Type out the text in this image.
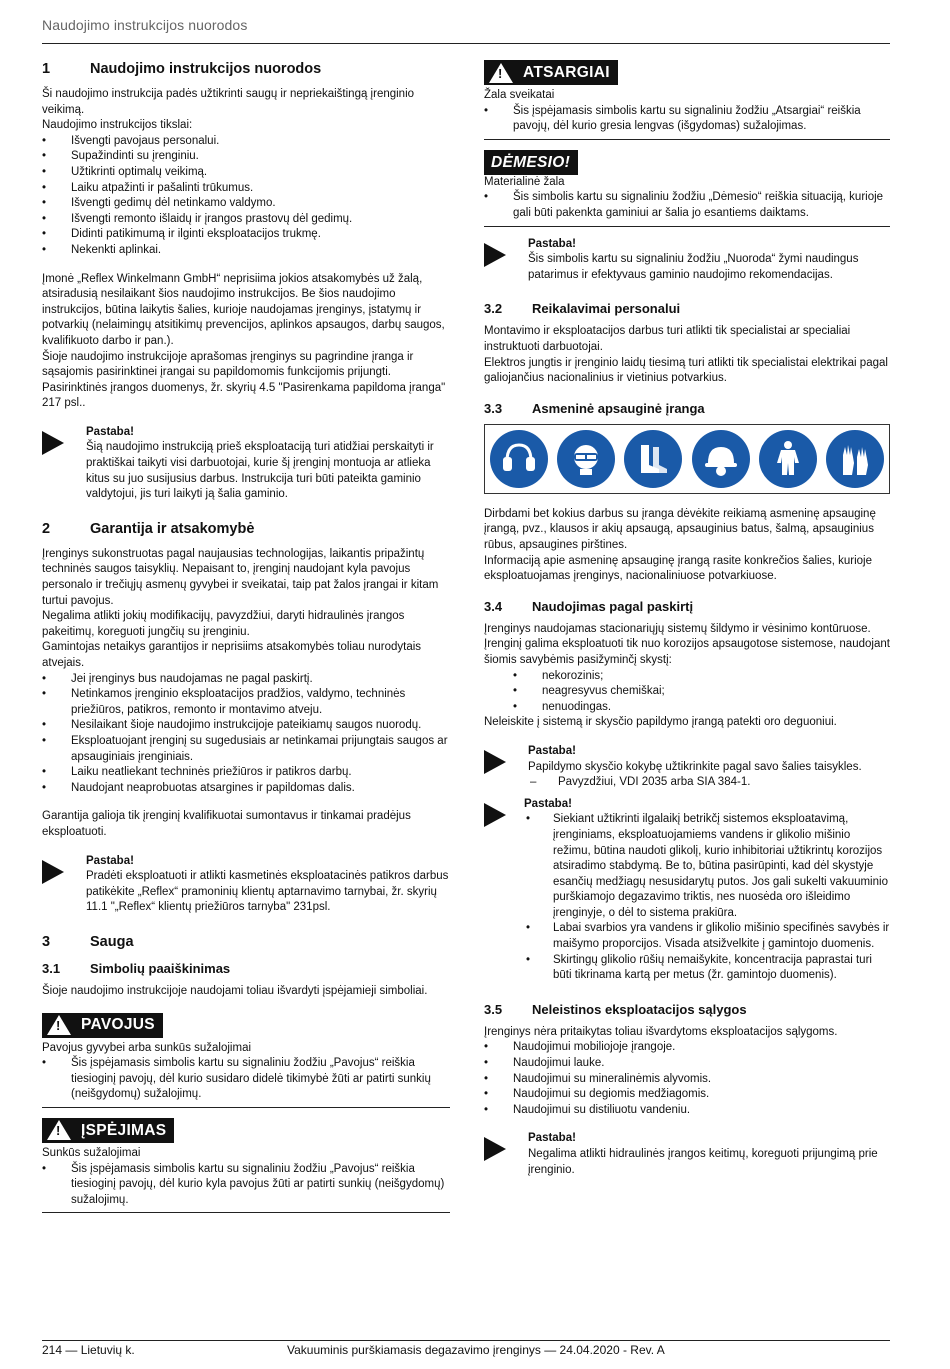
Naudojimo instrukcijos nuorodos
1	Naudojimo instrukcijos nuorodos

Ši naudojimo instrukcija padės užtikrinti saugų ir nepriekaištingą įrenginio veikimą.

Naudojimo instrukcijos tikslai:

• Išvengti pavojaus personalui.
• Supažindinti su įrenginiu.
• Užtikrinti optimalų veikimą.
• Laiku atpažinti ir pašalinti trūkumus.
• Išvengti gedimų dėl netinkamo valdymo.
• Išvengti remonto išlaidų ir įrangos prastovų dėl gedimų.
• Didinti patikimumą ir ilginti eksploatacijos trukmę.
• Nekenkti aplinkai.

Įmonė „Reflex Winkelmann GmbH“ neprisiima jokios atsakomybės už žalą, atsiradusią nesilaikant šios naudojimo instrukcijos. Be šios naudojimo instrukcijos, būtina laikytis šalies, kurioje naudojamas įrenginys, įstatymų ir potvarkių (nelaimingų atsitikimų prevencijos, aplinkos apsaugos, darbų saugos, kvalifikuoto darbo ir pan.).

Šioje naudojimo instrukcijoje aprašomas įrenginys su pagrindine įranga ir sąsajomis pasirinktinei įrangai su papildomomis funkcijomis prijungti.

Pasirinktinės įrangos duomenys, žr. skyrių 4.5 "Pasirenkama papildoma įranga" 217 psl..

Pastaba!

Šią naudojimo instrukciją prieš eksploataciją turi atidžiai perskaityti ir praktiškai taikyti visi darbuotojai, kurie šį įrenginį montuoja ar atlieka kitus su juo susijusius darbus. Instrukcija turi būti pateikta gaminio valdytojui, jis turi laikyti ją šalia gaminio.

2	Garantija ir atsakomybė

Įrenginys sukonstruotas pagal naujausias technologijas, laikantis pripažintų techninės saugos taisyklių. Nepaisant to, įrenginį naudojant kyla pavojus personalo ir trečiųjų asmenų gyvybei ir sveikatai, taip pat žalos įrangai ir kitam turtui pavojus.

Negalima atlikti jokių modifikacijų, pavyzdžiui, daryti hidraulinės įrangos pakeitimų, koreguoti jungčių su įrenginiu.

Gamintojas netaikys garantijos ir neprisiims atsakomybės toliau nurodytais atvejais.

• Jei įrenginys bus naudojamas ne pagal paskirtį.
• Netinkamos įrenginio eksploatacijos pradžios, valdymo, techninės priežiūros, patikros, remonto ir montavimo atveju.
• Nesilaikant šioje naudojimo instrukcijoje pateikiamų saugos nuorodų.
• Eksploatuojant įrenginį su sugedusiais ar netinkamai prijungtais saugos ar apsauginiais įrenginiais.
• Laiku neatliekant techninės priežiūros ir patikros darbų.
• Naudojant neaprobuotas atsargines ir papildomas dalis.

Garantija galioja tik įrenginį kvalifikuotai sumontavus ir tinkamai pradėjus eksploatuoti.

Pastaba!

Pradėti eksploatuoti ir atlikti kasmetinės eksploatacinės patikros darbus patikėkite „Reflex“ pramoninių klientų aptarnavimo tarnybai, žr. skyrių 11.1 "„Reflex“ klientų priežiūros tarnyba" 231psl.

3	Sauga
3.1	Simbolių paaiškinimas

Šioje naudojimo instrukcijoje naudojami toliau išvardyti įspėjamieji simboliai.

! PAVOJUS

Pavojus gyvybei arba sunkūs sužalojimai

• Šis įspėjamasis simbolis kartu su signaliniu žodžiu „Pavojus“ reiškia tiesioginį pavojų, dėl kurio susidaro didelė tikimybė žūti ar patirti sunkių (neišgydomų) sužalojimų.
! ĮSPĖJIMAS

Sunkūs sužalojimai

• Šis įspėjamasis simbolis kartu su signaliniu žodžiu „Pavojus“ reiškia tiesioginį pavojų, dėl kurio kyla pavojus žūti ar patirti sunkių (neišgydomų) sužalojimų.
! ATSARGIAI

Žala sveikatai

• Šis įspėjamasis simbolis kartu su signaliniu žodžiu „Atsargiai“ reiškia pavojų, dėl kurio gresia lengvas (išgydomas) sužalojimas.
DĖMESIO!

Materialinė žala

• Šis simbolis kartu su signaliniu žodžiu „Dėmesio“ reiškia situaciją, kurioje gali būti pakenkta gaminiui ar šalia jo esantiems daiktams.
Pastaba!

Šis simbolis kartu su signaliniu žodžiu „Nuoroda“ žymi naudingus patarimus ir efektyvaus gaminio naudojimo rekomendacijas.

3.2	Reikalavimai personalui

Montavimo ir eksploatacijos darbus turi atlikti tik specialistai ar specialiai instruktuoti darbuotojai.

Elektros jungtis ir įrenginio laidų tiesimą turi atlikti tik specialistai elektrikai pagal galiojančius nacionalinius ir vietinius potvarkius.

3.3	Asmeninė apsauginė įranga

Dirbdami bet kokius darbus su įranga dėvėkite reikiamą asmeninę apsauginę įrangą, pvz., klausos ir akių apsaugą, apsauginius batus, šalmą, apsauginius rūbus, apsaugines pirštines.

Informaciją apie asmeninę apsauginę įrangą rasite konkrečios šalies, kurioje eksploatuojamas įrenginys, nacionaliniuose potvarkiuose.

3.4	Naudojimas pagal paskirtį

Įrenginys naudojamas stacionariųjų sistemų šildymo ir vėsinimo kontūruose.

Įrenginį galima eksploatuoti tik nuo korozijos apsaugotose sistemose, naudojant šiomis savybėmis pasižyminčį skystį:

• nekorozinis;
• neagresyvus chemiškai;
• nenuodingas.

Neleiskite į sistemą ir skysčio papildymo įrangą patekti oro deguoniui.

Pastaba!

Papildymo skysčio kokybę užtikrinkite pagal savo šalies taisykles.

– Pavyzdžiui, VDI 2035 arba SIA 384-1.
Pastaba!
• Siekiant užtikrinti ilgalaikį betrikčį sistemos eksploatavimą, įrenginiams, eksploatuojamiems vandens ir glikolio mišinio režimu, būtina naudoti glikolį, kurio inhibitoriai užtikrintų korozijos atsiradimo stabdymą. Be to, būtina pasirūpinti, kad dėl skystyje esančių medžiagų nesusidarytų putos. Jos gali sukelti vakuuminio purškiamojo degazavimo triktis, nes nuosėda oro išleidimo įrenginyje, o dėl to sistema prakiūra.
• Labai svarbios yra vandens ir glikolio mišinio specifinės savybės ir maišymo proporcijos. Visada atsižvelkite į gamintojo duomenis.
• Skirtingų glikolio rūšių nemaišykite, koncentracija paprastai turi būti tikrinama kartą per metus (žr. gamintojo duomenis).
3.5	Neleistinos eksploatacijos sąlygos

Įrenginys nėra pritaikytas toliau išvardytoms eksploatacijos sąlygoms.

• Naudojimui mobiliojoje įrangoje.
• Naudojimui lauke.
• Naudojimui su mineralinėmis alyvomis.
• Naudojimui su degiomis medžiagomis.
• Naudojimui su distiliuotu vandeniu.
Pastaba!

Negalima atlikti hidraulinės įrangos keitimų, koreguoti prijungimą prie įrenginio.

214 — Lietuvių k.	Vakuuminis purškiamasis degazavimo įrenginys — 24.04.2020 - Rev. A
